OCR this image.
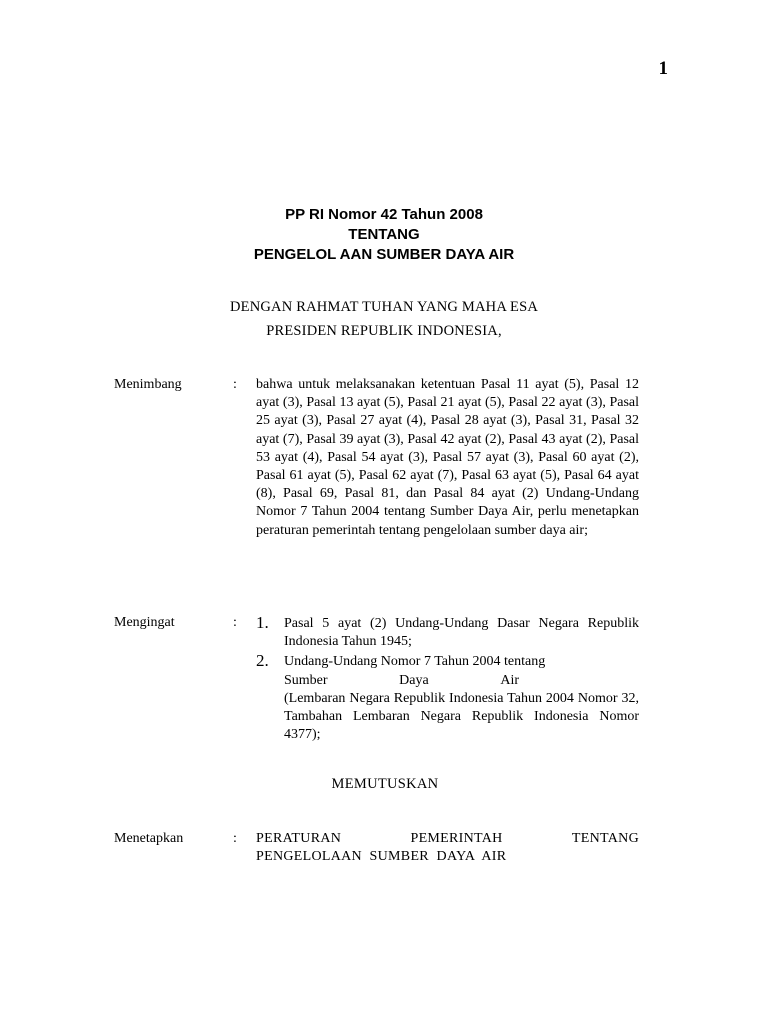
1
PP RI Nomor 42 Tahun 2008
TENTANG
PENGELOL AAN SUMBER DAYA AIR
DENGAN RAHMAT TUHAN YANG MAHA ESA
PRESIDEN REPUBLIK INDONESIA,
Menimbang	: bahwa untuk melaksanakan ketentuan Pasal 11 ayat (5), Pasal 12 ayat (3), Pasal 13 ayat (5), Pasal 21 ayat (5), Pasal 22 ayat (3), Pasal 25 ayat (3), Pasal 27 ayat (4), Pasal 28 ayat (3), Pasal 31, Pasal 32 ayat (7), Pasal 39 ayat (3), Pasal 42 ayat (2), Pasal 43 ayat (2), Pasal 53 ayat (4), Pasal 54 ayat (3), Pasal 57 ayat (3), Pasal 60 ayat (2), Pasal 61 ayat (5), Pasal 62 ayat (7), Pasal 63 ayat (5), Pasal 64 ayat (8), Pasal 69, Pasal 81, dan Pasal 84 ayat (2) Undang-Undang Nomor 7 Tahun 2004 tentang Sumber Daya Air, perlu menetapkan peraturan pemerintah tentang pengelolaan sumber daya air;
Mengingat	: 1. Pasal 5 ayat (2) Undang-Undang Dasar Negara Republik Indonesia Tahun 1945;
2. Undang-Undang Nomor 7 Tahun 2004 tentang
Sumber	Daya	Air
(Lembaran Negara Republik Indonesia Tahun 2004 Nomor 32, Tambahan Lembaran Negara Republik Indonesia Nomor 4377);
MEMUTUSKAN
Menetapkan	: PERATURAN	PEMERINTAH	TENTANG
PENGELOLAAN  SUMBER  DAYA  AIR
